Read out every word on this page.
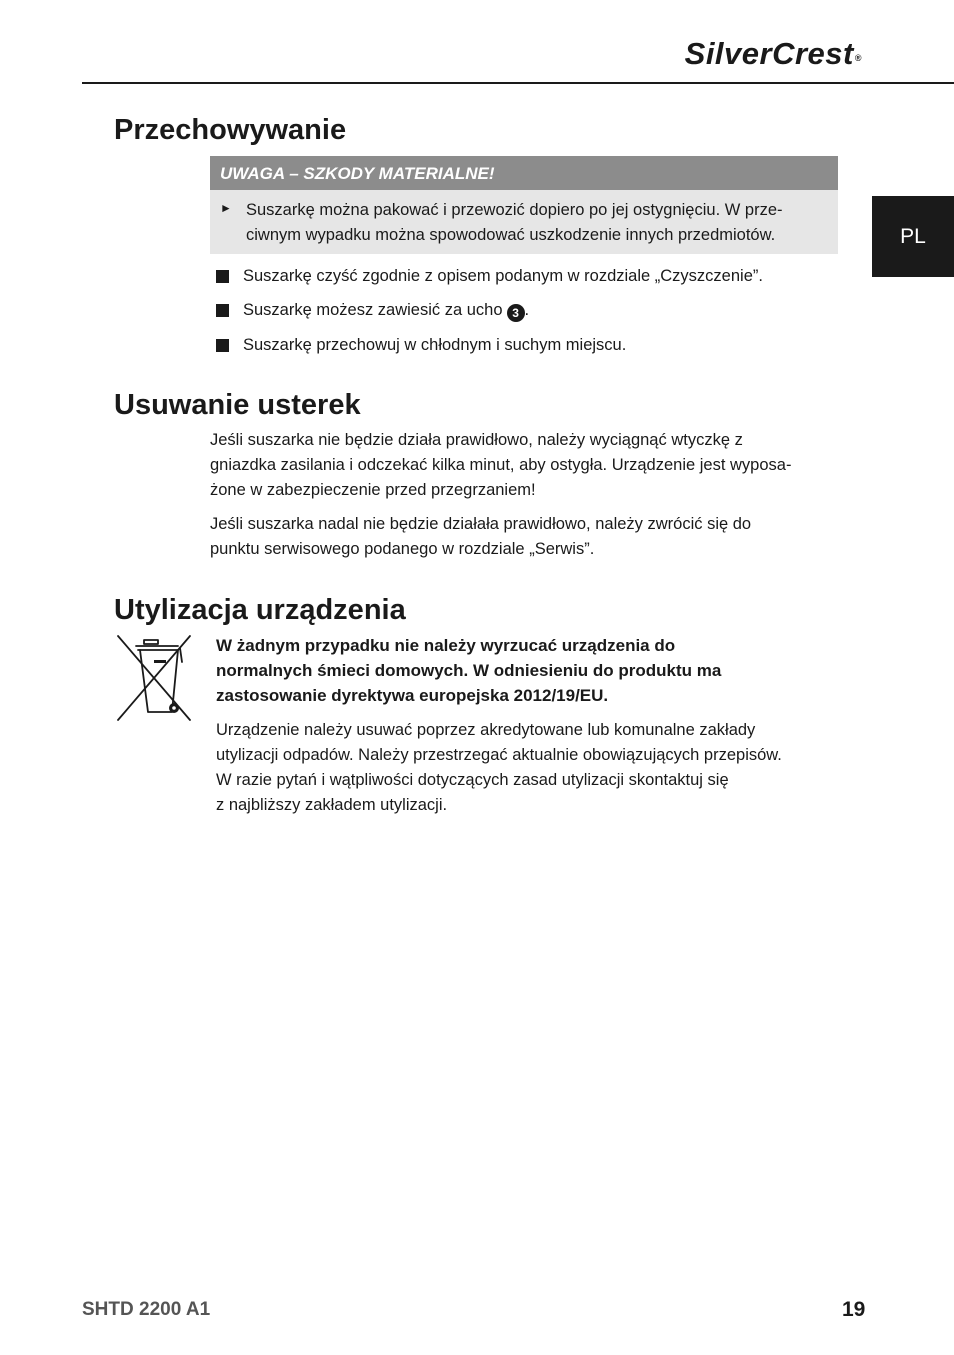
SilverCrest®
PL
Przechowywanie
UWAGA – SZKODY MATERIALNE!
► Suszarkę można pakować i przewozić dopiero po jej ostygnięciu. W prze-
ciwnym wypadku można spowodować uszkodzenie innych przedmiotów.
Suszarkę czyść zgodnie z opisem podanym w rozdziale „Czyszczenie”.
Suszarkę możesz zawiesić za ucho 3 .
Suszarkę przechowuj w chłodnym i suchym miejscu.
Usuwanie usterek
Jeśli suszarka nie będzie działa prawidłowo, należy wyciągnąć wtyczkę z
gniazdka zasilania i odczekać kilka minut, aby ostygła. Urządzenie jest wyposa-
żone w zabezpieczenie przed przegrzaniem!
Jeśli suszarka nadal nie będzie działała prawidłowo, należy zwrócić się do
punktu serwisowego podanego w rozdziale „Serwis”.
Utylizacja urządzenia
W żadnym przypadku nie należy wyrzucać urządzenia do
normalnych śmieci domowych. W odniesieniu do produktu ma
zastosowanie dyrektywa europejska 2012/19/EU.
Urządzenie należy usuwać poprzez akredytowane lub komunalne zakłady
utylizacji odpadów. Należy przestrzegać aktualnie obowiązujących przepisów.
W razie pytań i wątpliwości dotyczących zasad utylizacji skontaktuj się
z najbliższy zakładem utylizacji.
SHTD 2200 A1	19
